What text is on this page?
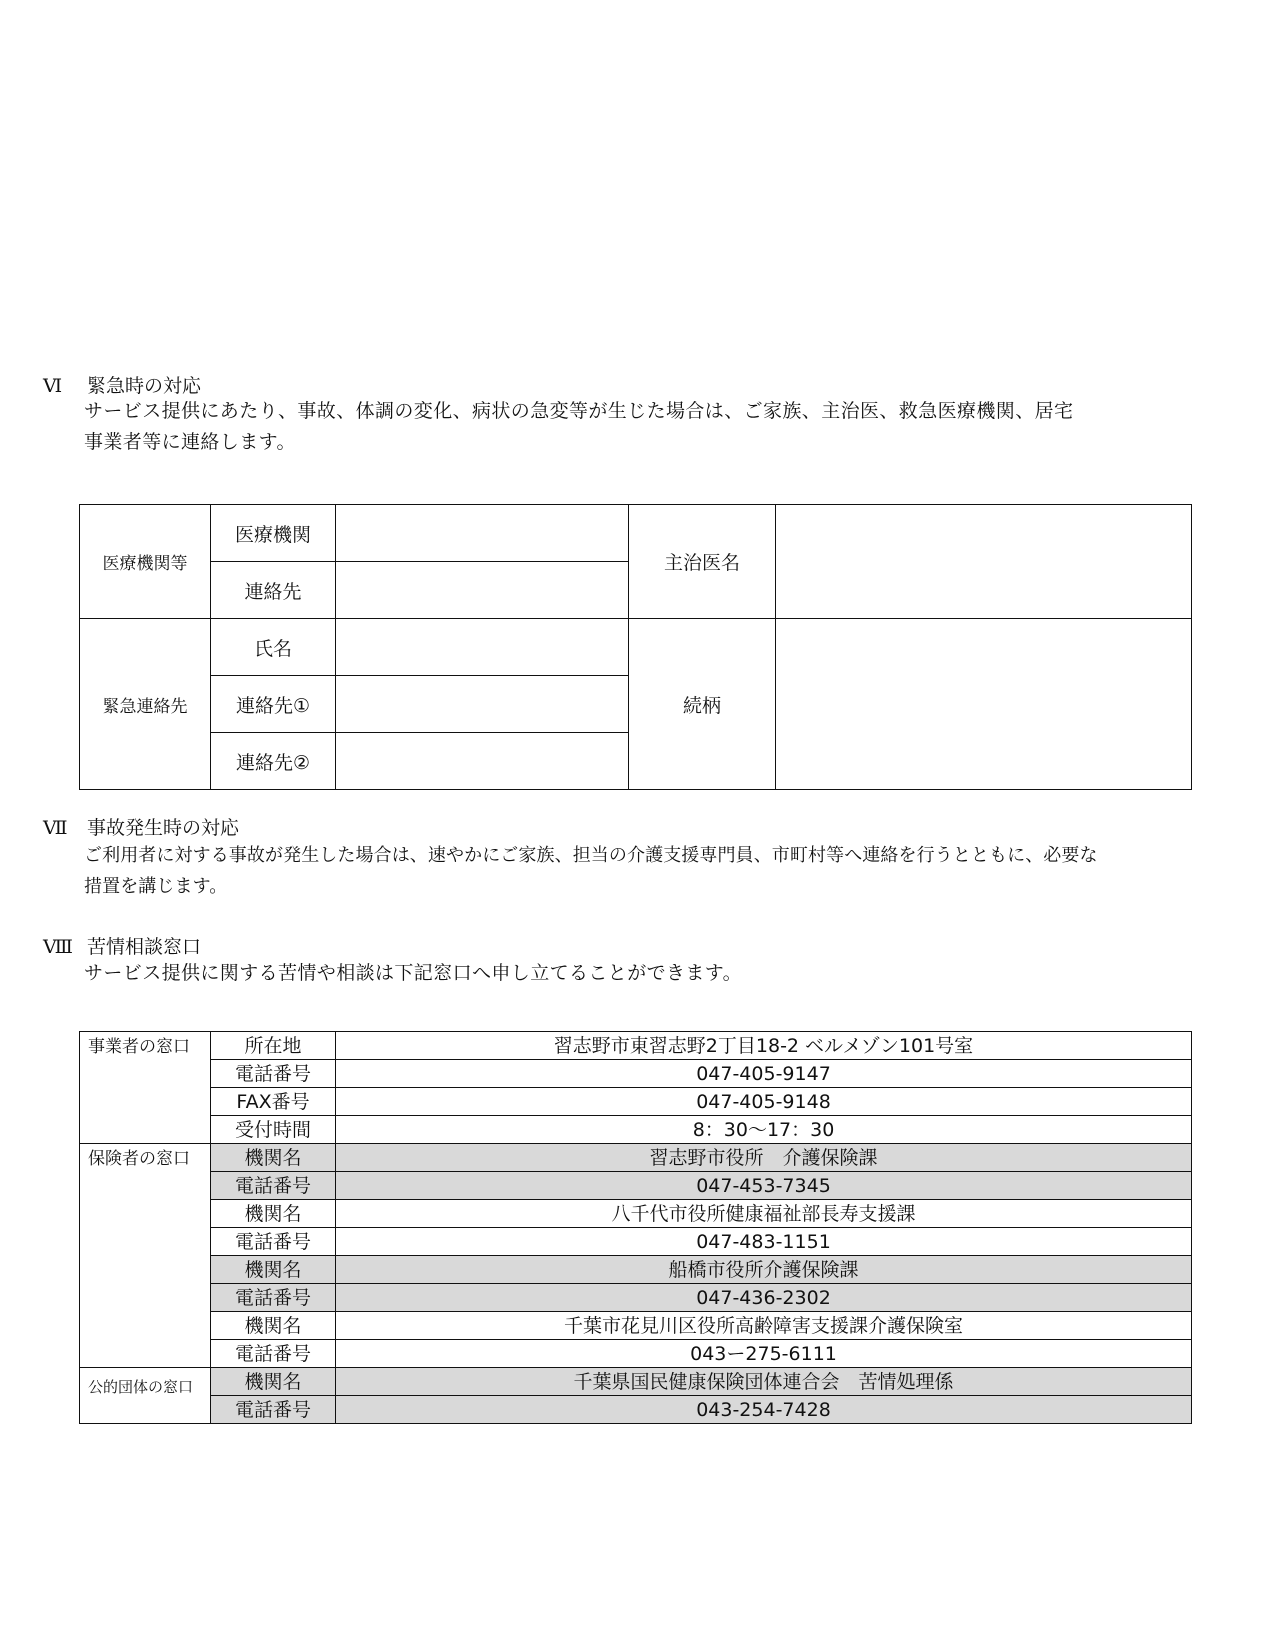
Ⅵ 緊急時の対応
サービス提供にあたり、事故、体調の変化、病状の急変等が生じた場合は、ご家族、主治医、救急医療機関、居宅
事業者等に連絡します。
医療機関等	医療機関		主治医名	
	連絡先			
緊急連絡先	氏名		続柄	
	連絡先①			
	連絡先②			
Ⅶ 事故発生時の対応
ご利用者に対する事故が発生した場合は、速やかにご家族、担当の介護支援専門員、市町村等へ連絡を行うとともに、必要な
措置を講じます。
Ⅷ 苦情相談窓口
サービス提供に関する苦情や相談は下記窓口へ申し立てることができます。
事業者の窓口	所在地	習志野市東習志野2丁目18-2 ベルメゾン101号室
	電話番号	047-405-9147
	FAX番号	047-405-9148
	受付時間	8：30～17：30
保険者の窓口	機関名	習志野市役所　介護保険課
	電話番号	047-453-7345
	機関名	八千代市役所健康福祉部長寿支援課
	電話番号	047-483-1151
	機関名	船橋市役所介護保険課
	電話番号	047-436-2302
	機関名	千葉市花見川区役所高齢障害支援課介護保険室
	電話番号	043ー275-6111
公的団体の窓口	機関名	千葉県国民健康保険団体連合会　苦情処理係
	電話番号	043-254-7428
